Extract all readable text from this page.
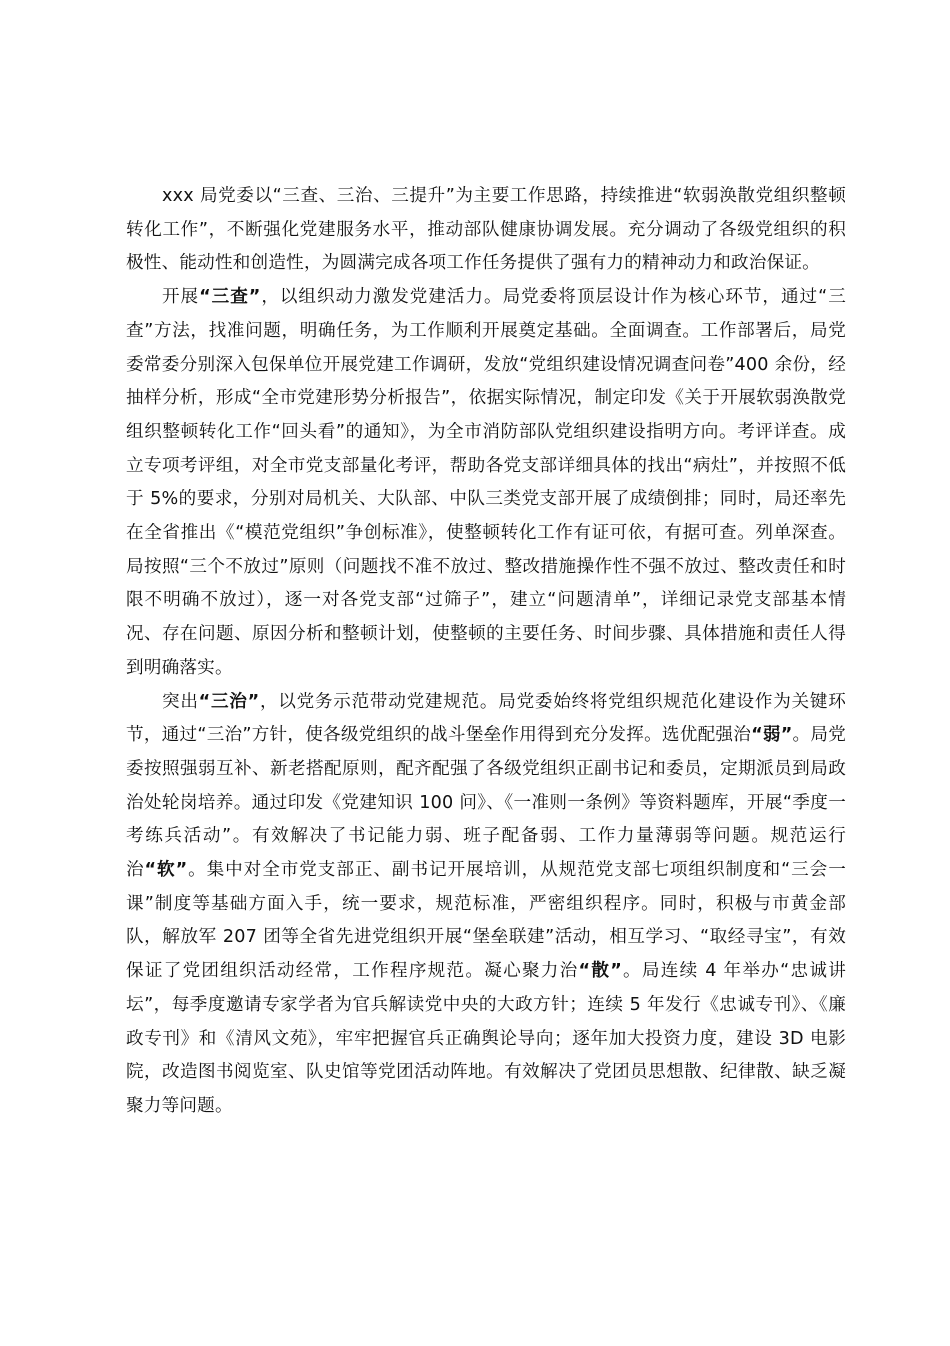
xxx 局党委以“三查、三治、三提升”为主要工作思路，持续推进“软弱涣散党组织整顿转化工作”，不断强化党建服务水平，推动部队健康协调发展。充分调动了各级党组织的积极性、能动性和创造性，为圆满完成各项工作任务提供了强有力的精神动力和政治保证。

开展“三查”，以组织动力激发党建活力。局党委将顶层设计作为核心环节，通过“三查”方法，找准问题，明确任务，为工作顺利开展奠定基础。全面调查。工作部署后，局党委常委分别深入包保单位开展党建工作调研，发放“党组织建设情况调查问卷”400 余份，经抽样分析，形成“全市党建形势分析报告”，依据实际情况，制定印发《关于开展软弱涣散党组织整顿转化工作“回头看”的通知》，为全市消防部队党组织建设指明方向。考评详查。成立专项考评组，对全市党支部量化考评，帮助各党支部详细具体的找出“病灶”，并按照不低于 5%的要求，分别对局机关、大队部、中队三类党支部开展了成绩倒排；同时，局还率先在全省推出《“模范党组织”争创标准》，使整顿转化工作有证可依，有据可查。列单深查。局按照“三个不放过”原则（问题找不准不放过、整改措施操作性不强不放过、整改责任和时限不明确不放过），逐一对各党支部“过筛子”，建立“问题清单”，详细记录党支部基本情况、存在问题、原因分析和整顿计划，使整顿的主要任务、时间步骤、具体措施和责任人得到明确落实。

突出“三治”，以党务示范带动党建规范。局党委始终将党组织规范化建设作为关键环节，通过“三治”方针，使各级党组织的战斗堡垒作用得到充分发挥。选优配强治“弱”。局党委按照强弱互补、新老搭配原则，配齐配强了各级党组织正副书记和委员，定期派员到局政治处轮岗培养。通过印发《党建知识 100 问》、《一准则一条例》等资料题库，开展“季度一考练兵活动”。有效解决了书记能力弱、班子配备弱、工作力量薄弱等问题。规范运行治“软”。集中对全市党支部正、副书记开展培训，从规范党支部七项组织制度和“三会一课”制度等基础方面入手，统一要求，规范标准，严密组织程序。同时，积极与市黄金部队，解放军 207 团等全省先进党组织开展“堡垒联建”活动，相互学习、“取经寻宝”，有效保证了党团组织活动经常，工作程序规范。凝心聚力治“散”。局连续 4 年举办“忠诚讲坛”，每季度邀请专家学者为官兵解读党中央的大政方针；连续 5 年发行《忠诚专刊》、《廉政专刊》和《清风文苑》，牢牢把握官兵正确舆论导向；逐年加大投资力度，建设 3D 电影院，改造图书阅览室、队史馆等党团活动阵地。有效解决了党团员思想散、纪律散、缺乏凝聚力等问题。
